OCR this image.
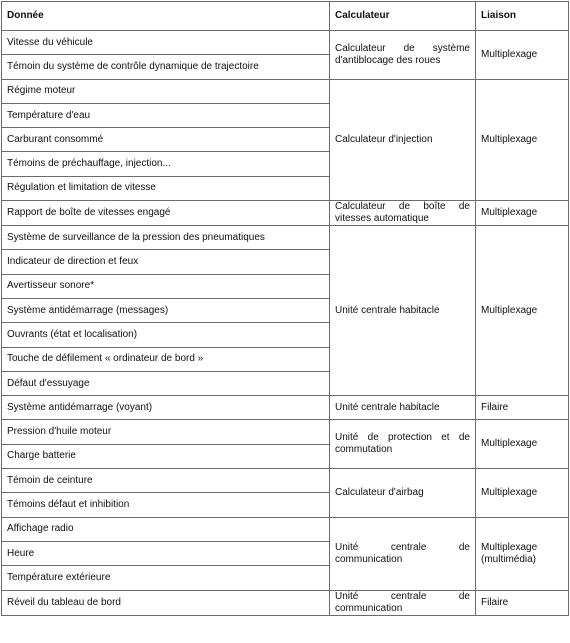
Donnée	Calculateur	Liaison
Vitesse du véhicule	Calculateur de système d'antiblocage des roues	Multiplexage
Témoin du système de contrôle dynamique de trajectoire		
Régime moteur	Calculateur d'injection	Multiplexage
Température d'eau		
Carburant consommé		
Témoins de préchauffage, injection...		
Régulation et limitation de vitesse		
Rapport de boîte de vitesses engagé	Calculateur de boîte de vitesses automatique	Multiplexage
Système de surveillance de la pression des pneumatiques	Unité centrale habitacle	Multiplexage
Indicateur de direction et feux		
Avertisseur sonore*		
Système antidémarrage (messages)		
Ouvrants (état et localisation)		
Touche de défilement « ordinateur de bord »		
Défaut d'essuyage		
Système antidémarrage (voyant)	Unité centrale habitacle	Filaire
Pression d'huile moteur	Unité de protection et de commutation	Multiplexage
Charge batterie		
Témoin de ceinture	Calculateur d'airbag	Multiplexage
Témoins défaut et inhibition		
Affichage radio	Unité centrale de communication	Multiplexage (multimédia)
Heure		
Température extérieure		
Réveil du tableau de bord	Unité centrale de communication	Filaire
